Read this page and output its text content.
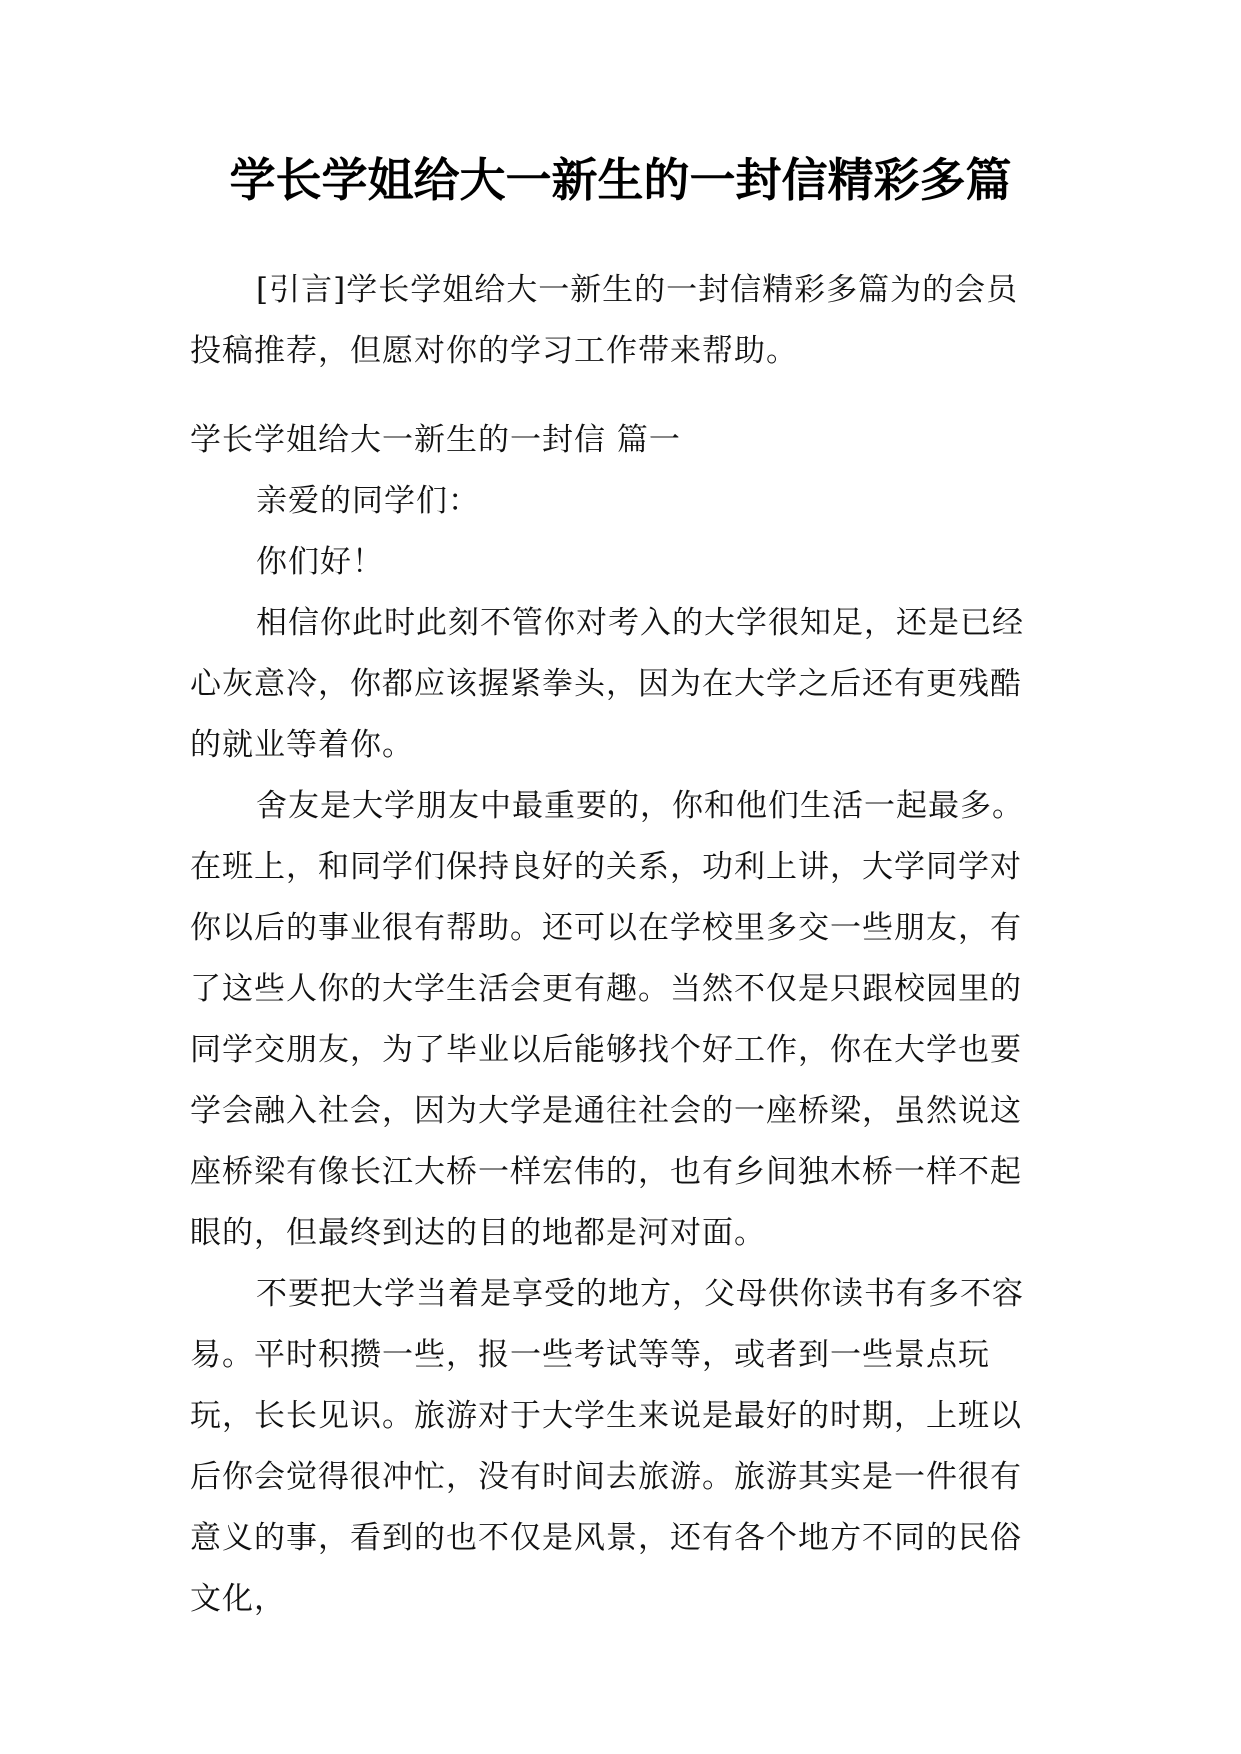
学长学姐给大一新生的一封信精彩多篇

[引言]学长学姐给大一新生的一封信精彩多篇为的会员投稿推荐，但愿对你的学习工作带来帮助。

学长学姐给大一新生的一封信 篇一

亲爱的同学们：

你们好！

相信你此时此刻不管你对考入的大学很知足，还是已经心灰意冷，你都应该握紧拳头，因为在大学之后还有更残酷的就业等着你。

舍友是大学朋友中最重要的，你和他们生活一起最多。在班上，和同学们保持良好的关系，功利上讲，大学同学对你以后的事业很有帮助。还可以在学校里多交一些朋友，有了这些人你的大学生活会更有趣。当然不仅是只跟校园里的同学交朋友，为了毕业以后能够找个好工作，你在大学也要学会融入社会，因为大学是通往社会的一座桥梁，虽然说这座桥梁有像长江大桥一样宏伟的，也有乡间独木桥一样不起眼的，但最终到达的目的地都是河对面。

不要把大学当着是享受的地方，父母供你读书有多不容易。平时积攒一些，报一些考试等等，或者到一些景点玩玩，长长见识。旅游对于大学生来说是最好的时期，上班以后你会觉得很冲忙，没有时间去旅游。旅游其实是一件很有意义的事，看到的也不仅是风景，还有各个地方不同的民俗文化，
